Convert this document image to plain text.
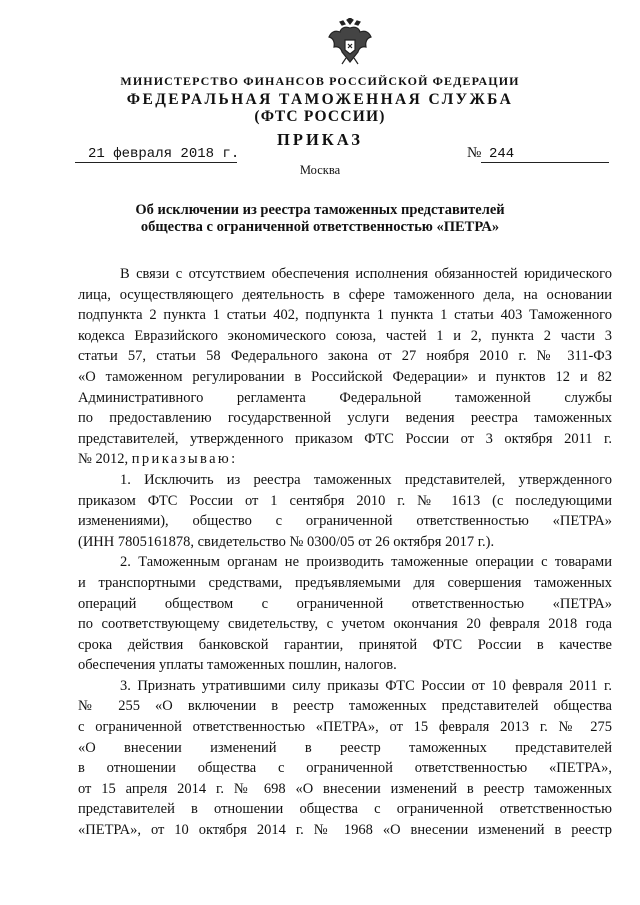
МИНИСТЕРСТВО ФИНАНСОВ РОССИЙСКОЙ ФЕДЕРАЦИИ
ФЕДЕРАЛЬНАЯ ТАМОЖЕННАЯ СЛУЖБА
(ФТС РОССИИ)
ПРИКАЗ
21 февраля 2018 г.	№ 244
Москва
Об исключении из реестра таможенных представителей
общества с ограниченной ответственностью «ПЕТРА»

В связи с отсутствием обеспечения исполнения обязанностей юридического

лица, осуществляющего деятельность в сфере таможенного дела, на основании

подпункта 2 пункта 1 статьи 402, подпункта 1 пункта 1 статьи 403 Таможенного

кодекса Евразийского экономического союза, частей 1 и 2, пункта 2 части 3

статьи 57, статьи 58 Федерального закона от 27 ноября 2010 г. № 311-ФЗ

«О таможенном регулировании в Российской Федерации» и пунктов 12 и 82

Административного регламента Федеральной таможенной службы

по предоставлению государственной услуги ведения реестра таможенных

представителей, утвержденного приказом ФТС России от 3 октября 2011 г.

№ 2012, приказываю:

1. Исключить из реестра таможенных представителей, утвержденного

приказом ФТС России от 1 сентября 2010 г. № 1613 (с последующими

изменениями), общество с ограниченной ответственностью «ПЕТРА»

(ИНН 7805161878, свидетельство № 0300/05 от 26 октября 2017 г.).

2. Таможенным органам не производить таможенные операции с товарами

и транспортными средствами, предъявляемыми для совершения таможенных

операций обществом с ограниченной ответственностью «ПЕТРА»

по соответствующему свидетельству, с учетом окончания 20 февраля 2018 года

срока действия банковской гарантии, принятой ФТС России в качестве

обеспечения уплаты таможенных пошлин, налогов.

3. Признать утратившими силу приказы ФТС России от 10 февраля 2011 г.

№ 255 «О включении в реестр таможенных представителей общества

с ограниченной ответственностью «ПЕТРА», от 15 февраля 2013 г. № 275

«О внесении изменений в реестр таможенных представителей

в отношении общества с ограниченной ответственностью «ПЕТРА»,

от 15 апреля 2014 г. № 698 «О внесении изменений в реестр таможенных

представителей в отношении общества с ограниченной ответственностью

«ПЕТРА», от 10 октября 2014 г. № 1968 «О внесении изменений в реестр
